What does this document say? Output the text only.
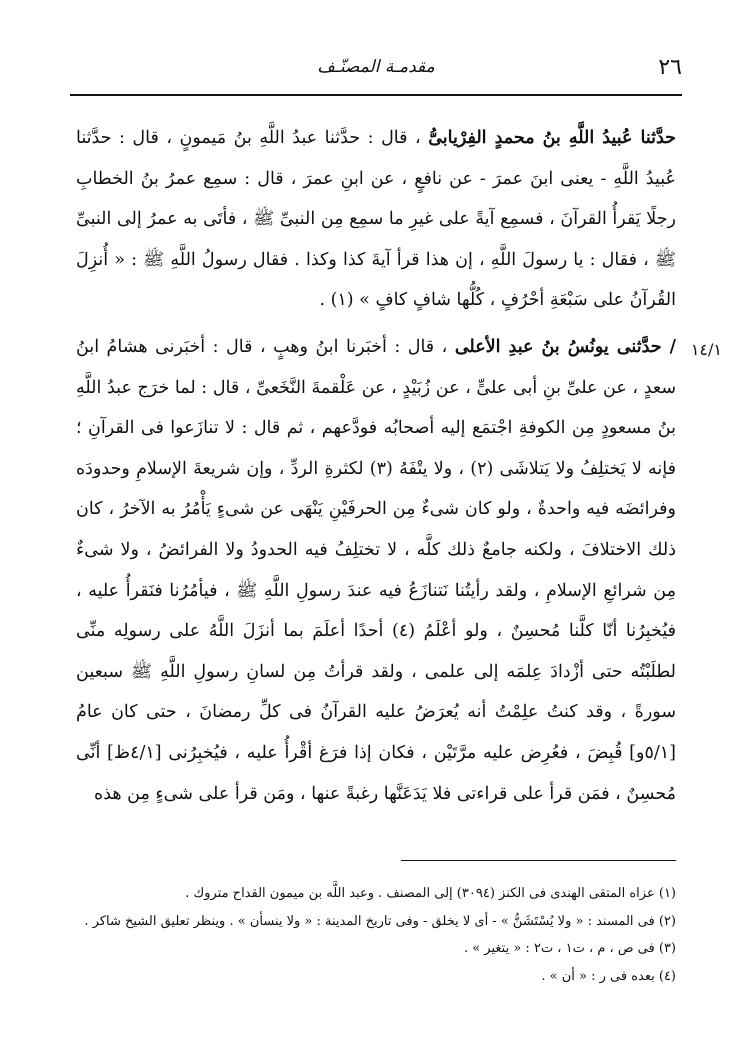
٢٦
مقدمـة المصنّـف
١٤/١

حدَّثنا عُبيدُ اللَّهِ بنُ محمدٍ الفِرْيابىُّ ، قال : حدَّثنا عبدُ اللَّهِ بنُ مَيمونٍ ، قال : حدَّثنا عُبيدُ اللَّهِ - يعنى ابنَ عمرَ - عن نافعٍ ، عن ابنِ عمرَ ، قال : سمِع عمرُ بنُ الخطابِ رجلًا يَقرأُ القرآنَ ، فسمِع آيةً على غيرِ ما سمِع مِن النبىِّ ﷺ ، فأتَى به عمرُ إلى النبىِّ ﷺ ، فقال : يا رسولَ اللَّهِ ، إن هذا قرأ آيةَ كذا وكذا . فقال رسولُ اللَّهِ ﷺ : « أُنزِلَ القُرآنُ على سَبْعَةِ أحْرُفٍ ، كُلُّها شافٍ كافٍ » (١) .

/ حدَّثنى يونُسُ بنُ عبدِ الأعلى ، قال : أخبَرنا ابنُ وهبٍ ، قال : أخبَرنى هشامُ ابنُ سعدٍ ، عن علىِّ بنِ أبى علىٍّ ، عن زُبَيْدٍ ، عن عَلْقمةَ النَّخَعىِّ ، قال : لما خرَج عبدُ اللَّهِ بنُ مسعودٍ مِن الكوفةِ اجْتمَع إليه أصحابُه فودَّعهم ، ثم قال : لا تنازَعوا فى القرآنِ ؛ فإنه لا يَختلِفُ ولا يَتلاشَى (٢) ، ولا يتْفَهُ (٣) لكثرةِ الردِّ ، وإن شريعةَ الإسلامِ وحدودَه وفرائضَه فيه واحدةٌ ، ولو كان شىءٌ مِن الحرفَيْنِ يَنْهَى عن شىءٍ يَأْمُرُ به الآخرُ ، كان ذلك الاختلافَ ، ولكنه جامعٌ ذلك كلَّه ، لا تختلِفُ فيه الحدودُ ولا الفرائضُ ، ولا شىءٌ مِن شرائعِ الإسلامِ ، ولقد رأيتُنا نَتنازَعُ فيه عندَ رسولِ اللَّهِ ﷺ ، فيأمُرُنا فنَقرأُ عليه ، فيُخبِرُنا أنّا كلَّنا مُحسِنٌ ، ولو أعْلَمُ (٤) أحدًا أعلَمَ بما أنزَلَ اللَّهُ على رسولِه منِّى لطلَبْتُه حتى أزْدادَ عِلمَه إلى علمى ، ولقد قرأتُ مِن لسانِ رسولِ اللَّهِ ﷺ سبعين سورةً ، وقد كنتُ علِمْتُ أنه يُعرَضُ عليه القرآنُ فى كلِّ رمضانَ ، حتى كان عامُ [٥/١و] قُبِضَ ، فعُرِض عليه مرَّتَيْن ، فكان إذا فرَغ أقْرأُ عليه ، فيُخبِرُنى [٤/١ظ] أنِّى مُحسِنٌ ، فمَن قرأ على قراءتى فلا يَدَعَنَّها رغبةً عنها ، ومَن قرأ على شىءٍ مِن هذه

(١) عزاه المتقى الهندى فى الكنز (٣٠٩٤) إلى المصنف . وعبد اللَّه بن ميمون القداح متروك .

(٢) فى المسند : « ولا يُسْتَشَنُّ » - أى لا يخلق - وفى تاريخ المدينة : « ولا ينسأن » . وينظر تعليق الشيخ شاكر .

(٣) فى ص ، م ، ت١ ، ت٢ : « يتغير » .

(٤) بعده فى ر : « أن » .
